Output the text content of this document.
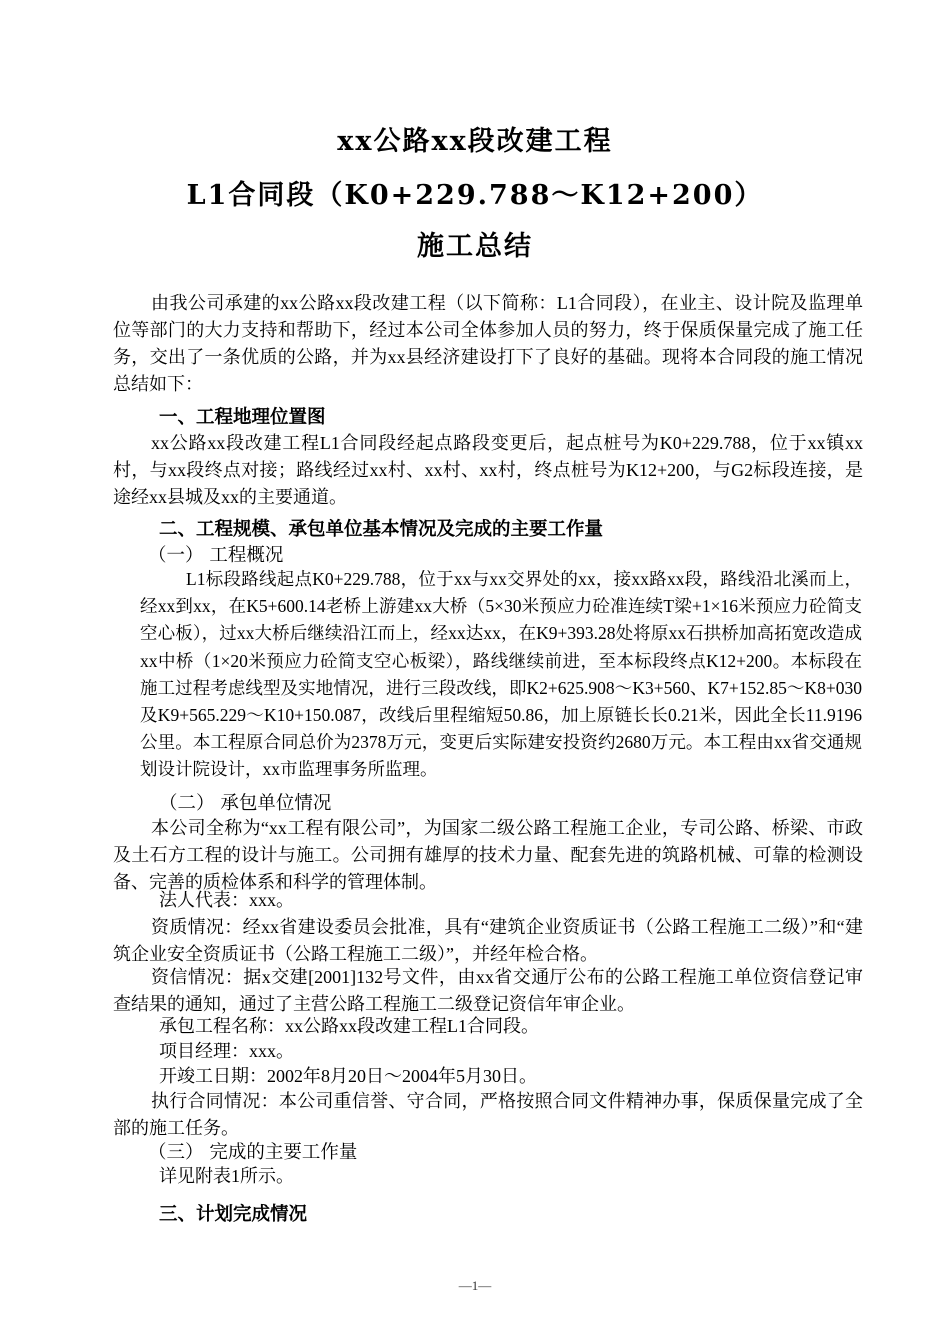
xx公路xx段改建工程
L1合同段（K0+229.788～K12+200）
施工总结
由我公司承建的xx公路xx段改建工程（以下简称：L1合同段），在业主、设计院及监理单位等部门的大力支持和帮助下，经过本公司全体参加人员的努力，终于保质保量完成了施工任务，交出了一条优质的公路，并为xx县经济建设打下了良好的基础。现将本合同段的施工情况总结如下：
一、工程地理位置图
xx公路xx段改建工程L1合同段经起点路段变更后，起点桩号为K0+229.788，位于xx镇xx村，与xx段终点对接；路线经过xx村、xx村、xx村，终点桩号为K12+200，与G2标段连接，是途经xx县城及xx的主要通道。
二、工程规模、承包单位基本情况及完成的主要工作量
（一） 工程概况
L1标段路线起点K0+229.788，位于xx与xx交界处的xx，接xx路xx段，路线沿北溪而上，经xx到xx，在K5+600.14老桥上游建xx大桥（5×30米预应力砼准连续T梁+1×16米预应力砼简支空心板），过xx大桥后继续沿江而上，经xx达xx，在K9+393.28处将原xx石拱桥加高拓宽改造成xx中桥（1×20米预应力砼简支空心板梁），路线继续前进，至本标段终点K12+200。本标段在施工过程考虑线型及实地情况，进行三段改线，即K2+625.908～K3+560、K7+152.85～K8+030及K9+565.229～K10+150.087，改线后里程缩短50.86，加上原链长长0.21米，因此全长11.9196公里。本工程原合同总价为2378万元，变更后实际建安投资约2680万元。本工程由xx省交通规划设计院设计，xx市监理事务所监理。
（二） 承包单位情况
本公司全称为“xx工程有限公司”，为国家二级公路工程施工企业，专司公路、桥梁、市政及土石方工程的设计与施工。公司拥有雄厚的技术力量、配套先进的筑路机械、可靠的检测设备、完善的质检体系和科学的管理体制。
法人代表：xxx。
资质情况：经xx省建设委员会批准，具有“建筑企业资质证书（公路工程施工二级）”和“建筑企业安全资质证书（公路工程施工二级）”，并经年检合格。
资信情况：据x交建[2001]132号文件，由xx省交通厅公布的公路工程施工单位资信登记审查结果的通知，通过了主营公路工程施工二级登记资信年审企业。
承包工程名称：xx公路xx段改建工程L1合同段。
项目经理：xxx。
开竣工日期：2002年8月20日～2004年5月30日。
执行合同情况：本公司重信誉、守合同，严格按照合同文件精神办事，保质保量完成了全部的施工任务。
（三） 完成的主要工作量
详见附表1所示。
三、计划完成情况
—1—
